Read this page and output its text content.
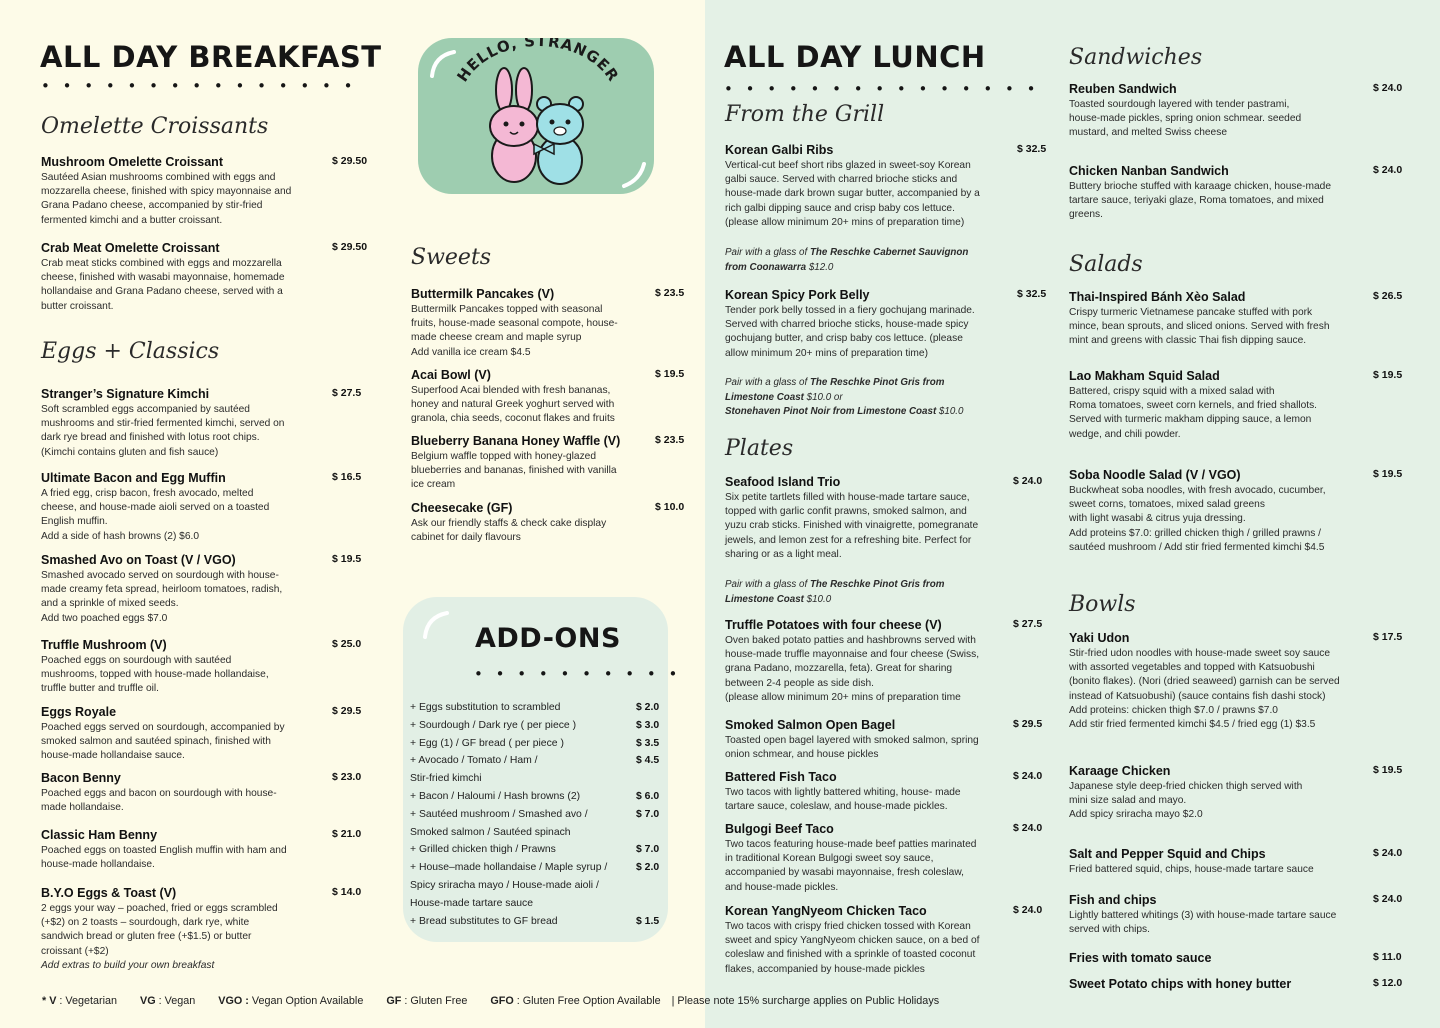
ALL DAY BREAKFAST
• • • • • • • • • • • • • • •
Omelette Croissants
Mushroom Omelette Croissant
Sautéed Asian mushrooms combined with eggs and
mozzarella cheese, finished with spicy mayonnaise and
Grana Padano cheese, accompanied by stir-fried
fermented kimchi and a butter croissant.
$ 29.50
Crab Meat Omelette Croissant
Crab meat sticks combined with eggs and mozzarella
cheese, finished with wasabi mayonnaise, homemade
hollandaise and Grana Padano cheese, served with a
butter croissant.
$ 29.50
Stranger’s Signature Kimchi
Soft scrambled eggs accompanied by sautéed
mushrooms and stir-fried fermented kimchi, served on
dark rye bread and finished with lotus root chips.
(Kimchi contains gluten and fish sauce)
$ 27.5
Ultimate Bacon and Egg Muffin
A fried egg, crisp bacon, fresh avocado, melted
cheese, and house-made aioli served on a toasted
English muffin.
Add a side of hash browns (2) $6.0
$ 16.5
Smashed Avo on Toast (V / VGO)
Smashed avocado served on sourdough with house-
made creamy feta spread, heirloom tomatoes, radish,
and a sprinkle of mixed seeds.
Add two poached eggs $7.0
$ 19.5
Truffle Mushroom (V)
Poached eggs on sourdough with sautéed
mushrooms, topped with house-made hollandaise,
truffle butter and truffle oil.
$ 25.0
Eggs Royale
Poached eggs served on sourdough, accompanied by
smoked salmon and sautéed spinach, finished with
house-made hollandaise sauce.
$ 29.5
Bacon Benny
Poached eggs and bacon on sourdough with house-
made hollandaise.
$ 23.0
Classic Ham Benny
Poached eggs on toasted English muffin with ham and
house-made hollandaise.
$ 21.0
B.Y.O Eggs & Toast (V)
2 eggs your way – poached, fried or eggs scrambled
(+$2) on 2 toasts – sourdough, dark rye, white
sandwich bread or gluten free (+$1.5) or butter
croissant (+$2)
Add extras to build your own breakfast
$ 14.0
Eggs + Classics
HELLO, STRANGER
Sweets
Buttermilk Pancakes (V)
Buttermilk Pancakes topped with seasonal
fruits, house-made seasonal compote, house-
made cheese cream and maple syrup
Add vanilla ice cream $4.5
$ 23.5
Acai Bowl (V)
Superfood Acai blended with fresh bananas,
honey and natural Greek yoghurt served with
granola, chia seeds, coconut flakes and fruits
$ 19.5
Blueberry Banana Honey Waffle (V)
Belgium waffle topped with honey-glazed
blueberries and bananas, finished with vanilla
ice cream
$ 23.5
Cheesecake (GF)
Ask our friendly staffs & check cake display
cabinet for daily flavours
$ 10.0
ADD-ONS
• • • • • • • • • •
+ Eggs substitution to scrambled	$ 2.0
+ Sourdough / Dark rye ( per piece )	$ 3.0
+ Egg (1) / GF bread ( per piece )	$ 3.5
+ Avocado / Tomato / Ham /	$ 4.5
Stir-fried kimchi
+ Bacon / Haloumi / Hash browns (2)	$ 6.0
+ Sautéed mushroom / Smashed avo /	$ 7.0
Smoked salmon / Sautéed spinach
+ Grilled chicken thigh / Prawns	$ 7.0
+ House–made hollandaise / Maple syrup /	$ 2.0
Spicy sriracha mayo / House-made aioli /
House-made tartare sauce
+ Bread substitutes to GF bread	$ 1.5
ALL DAY LUNCH
• • • • • • • • • • • • • • •
From the Grill
Korean Galbi Ribs
Vertical-cut beef short ribs glazed in sweet-soy Korean
galbi sauce. Served with charred brioche sticks and
house-made dark brown sugar butter, accompanied by a
rich galbi dipping sauce and crisp baby cos lettuce.
(please allow minimum 20+ mins of preparation time)
$ 32.5
Korean Spicy Pork Belly
Tender pork belly tossed in a fiery gochujang marinade.
Served with charred brioche sticks, house-made spicy
gochujang butter, and crisp baby cos lettuce. (please
allow minimum 20+ mins of preparation time)
$ 32.5
Pair with a glass of The Reschke Cabernet Sauvignon
from Coonawarra $12.0
Pair with a glass of The Reschke Pinot Gris from
Limestone Coast $10.0 or
Stonehaven Pinot Noir from Limestone Coast $10.0
Pair with a glass of The Reschke Pinot Gris from
Limestone Coast $10.0
Plates
Seafood Island Trio
Six petite tartlets filled with house-made tartare sauce,
topped with garlic confit prawns, smoked salmon, and
yuzu crab sticks. Finished with vinaigrette, pomegranate
jewels, and lemon zest for a refreshing bite. Perfect for
sharing or as a light meal.
$ 24.0
Truffle Potatoes with four cheese (V)
Oven baked potato patties and hashbrowns served with
house-made truffle mayonnaise and four cheese (Swiss,
grana Padano, mozzarella, feta). Great for sharing
between 2-4 people as side dish.
(please allow minimum 20+ mins of preparation time
$ 27.5
Smoked Salmon Open Bagel
Toasted open bagel layered with smoked salmon, spring
onion schmear, and house pickles
$ 29.5
Battered Fish Taco
Two tacos with lightly battered whiting, house- made
tartare sauce, coleslaw, and house-made pickles.
$ 24.0
Bulgogi Beef Taco
Two tacos featuring house-made beef patties marinated
in traditional Korean Bulgogi sweet soy sauce,
accompanied by wasabi mayonnaise, fresh coleslaw,
and house-made pickles.
$ 24.0
Korean YangNyeom Chicken Taco
Two tacos with crispy fried chicken tossed with Korean
sweet and spicy YangNyeom chicken sauce, on a bed of
coleslaw and finished with a sprinkle of toasted coconut
flakes, accompanied by house-made pickles
$ 24.0
Sandwiches
Reuben Sandwich
Toasted sourdough layered with tender pastrami,
house-made pickles, spring onion schmear. seeded
mustard, and melted Swiss cheese
$ 24.0
Chicken Nanban Sandwich
Buttery brioche stuffed with karaage chicken, house-made
tartare sauce, teriyaki glaze, Roma tomatoes, and mixed
greens.
$ 24.0
Salads
Thai-Inspired Bánh Xèo Salad
Crispy turmeric Vietnamese pancake stuffed with pork
mince, bean sprouts, and sliced onions. Served with fresh
mint and greens with classic Thai fish dipping sauce.
$ 26.5
Lao Makham Squid Salad
Battered, crispy squid with a mixed salad with
Roma tomatoes, sweet corn kernels, and fried shallots.
Served with turmeric makham dipping sauce, a lemon
wedge, and chili powder.
$ 19.5
Soba Noodle Salad (V / VGO)
Buckwheat soba noodles, with fresh avocado, cucumber,
sweet corns, tomatoes, mixed salad greens
with light wasabi & citrus yuja dressing.
Add proteins $7.0: grilled chicken thigh / grilled prawns /
sautéed mushroom / Add stir fried fermented kimchi $4.5
$ 19.5
Bowls
Yaki Udon
Stir-fried udon noodles with house-made sweet soy sauce
with assorted vegetables and topped with Katsuobushi
(bonito flakes). (Nori (dried seaweed) garnish can be served
instead of Katsuobushi) (sauce contains fish dashi stock)
Add proteins: chicken thigh $7.0 / prawns $7.0
Add stir fried fermented kimchi $4.5 / fried egg (1) $3.5
$ 17.5
Karaage Chicken
Japanese style deep-fried chicken thigh served with
mini size salad and mayo.
Add spicy sriracha mayo $2.0
$ 19.5
Salt and Pepper Squid and Chips
Fried battered squid, chips, house-made tartare sauce
$ 24.0
Fish and chips
Lightly battered whitings (3) with house-made tartare sauce
served with chips.
$ 24.0
Fries with tomato sauce	$ 11.0
Sweet Potato chips with honey butter	$ 12.0
* V : Vegetarian VG : Vegan VGO : Vegan Option Available GF : Gluten Free GFO : Gluten Free Option Available | Please note 15% surcharge applies on Public Holidays
